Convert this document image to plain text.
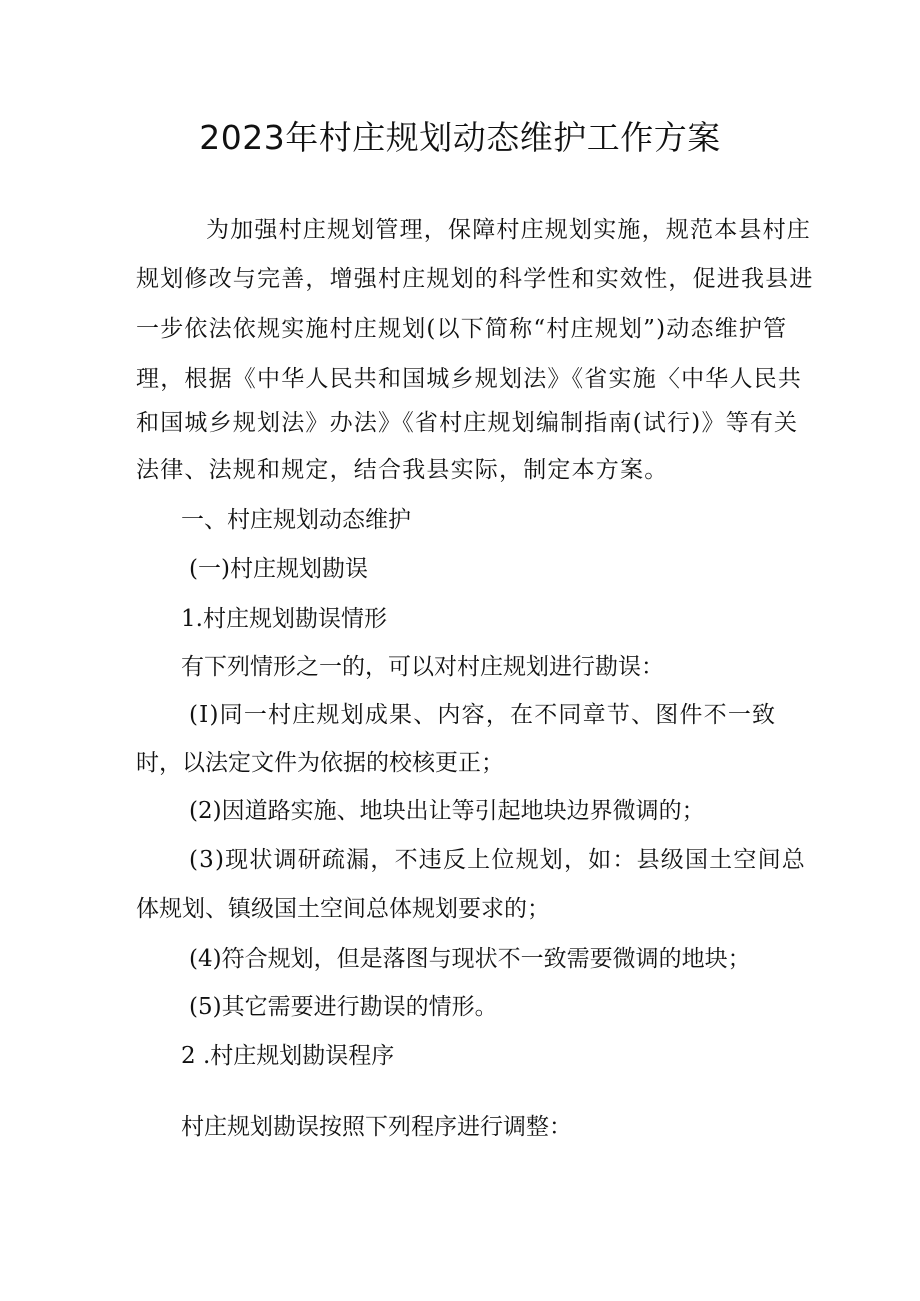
2023年村庄规划动态维护工作方案
为加强村庄规划管理，保障村庄规划实施，规范本县村庄
规划修改与完善，增强村庄规划的科学性和实效性，促进我县进
一步依法依规实施村庄规划(以下简称“村庄规划”)动态维护管
理，根据《中华人民共和国城乡规划法》《省实施〈中华人民共
和国城乡规划法》办法》《省村庄规划编制指南(试行)》等有关
法律、法规和规定，结合我县实际，制定本方案。
一、村庄规划动态维护
(一)村庄规划勘误
1.村庄规划勘误情形
有下列情形之一的，可以对村庄规划进行勘误：
(I)同一村庄规划成果、内容，在不同章节、图件不一致
时，以法定文件为依据的校核更正；
(2)因道路实施、地块出让等引起地块边界微调的；
(3)现状调研疏漏，不违反上位规划，如：县级国土空间总
体规划、镇级国土空间总体规划要求的；
(4)符合规划，但是落图与现状不一致需要微调的地块；
(5)其它需要进行勘误的情形。
2 .村庄规划勘误程序
村庄规划勘误按照下列程序进行调整：
